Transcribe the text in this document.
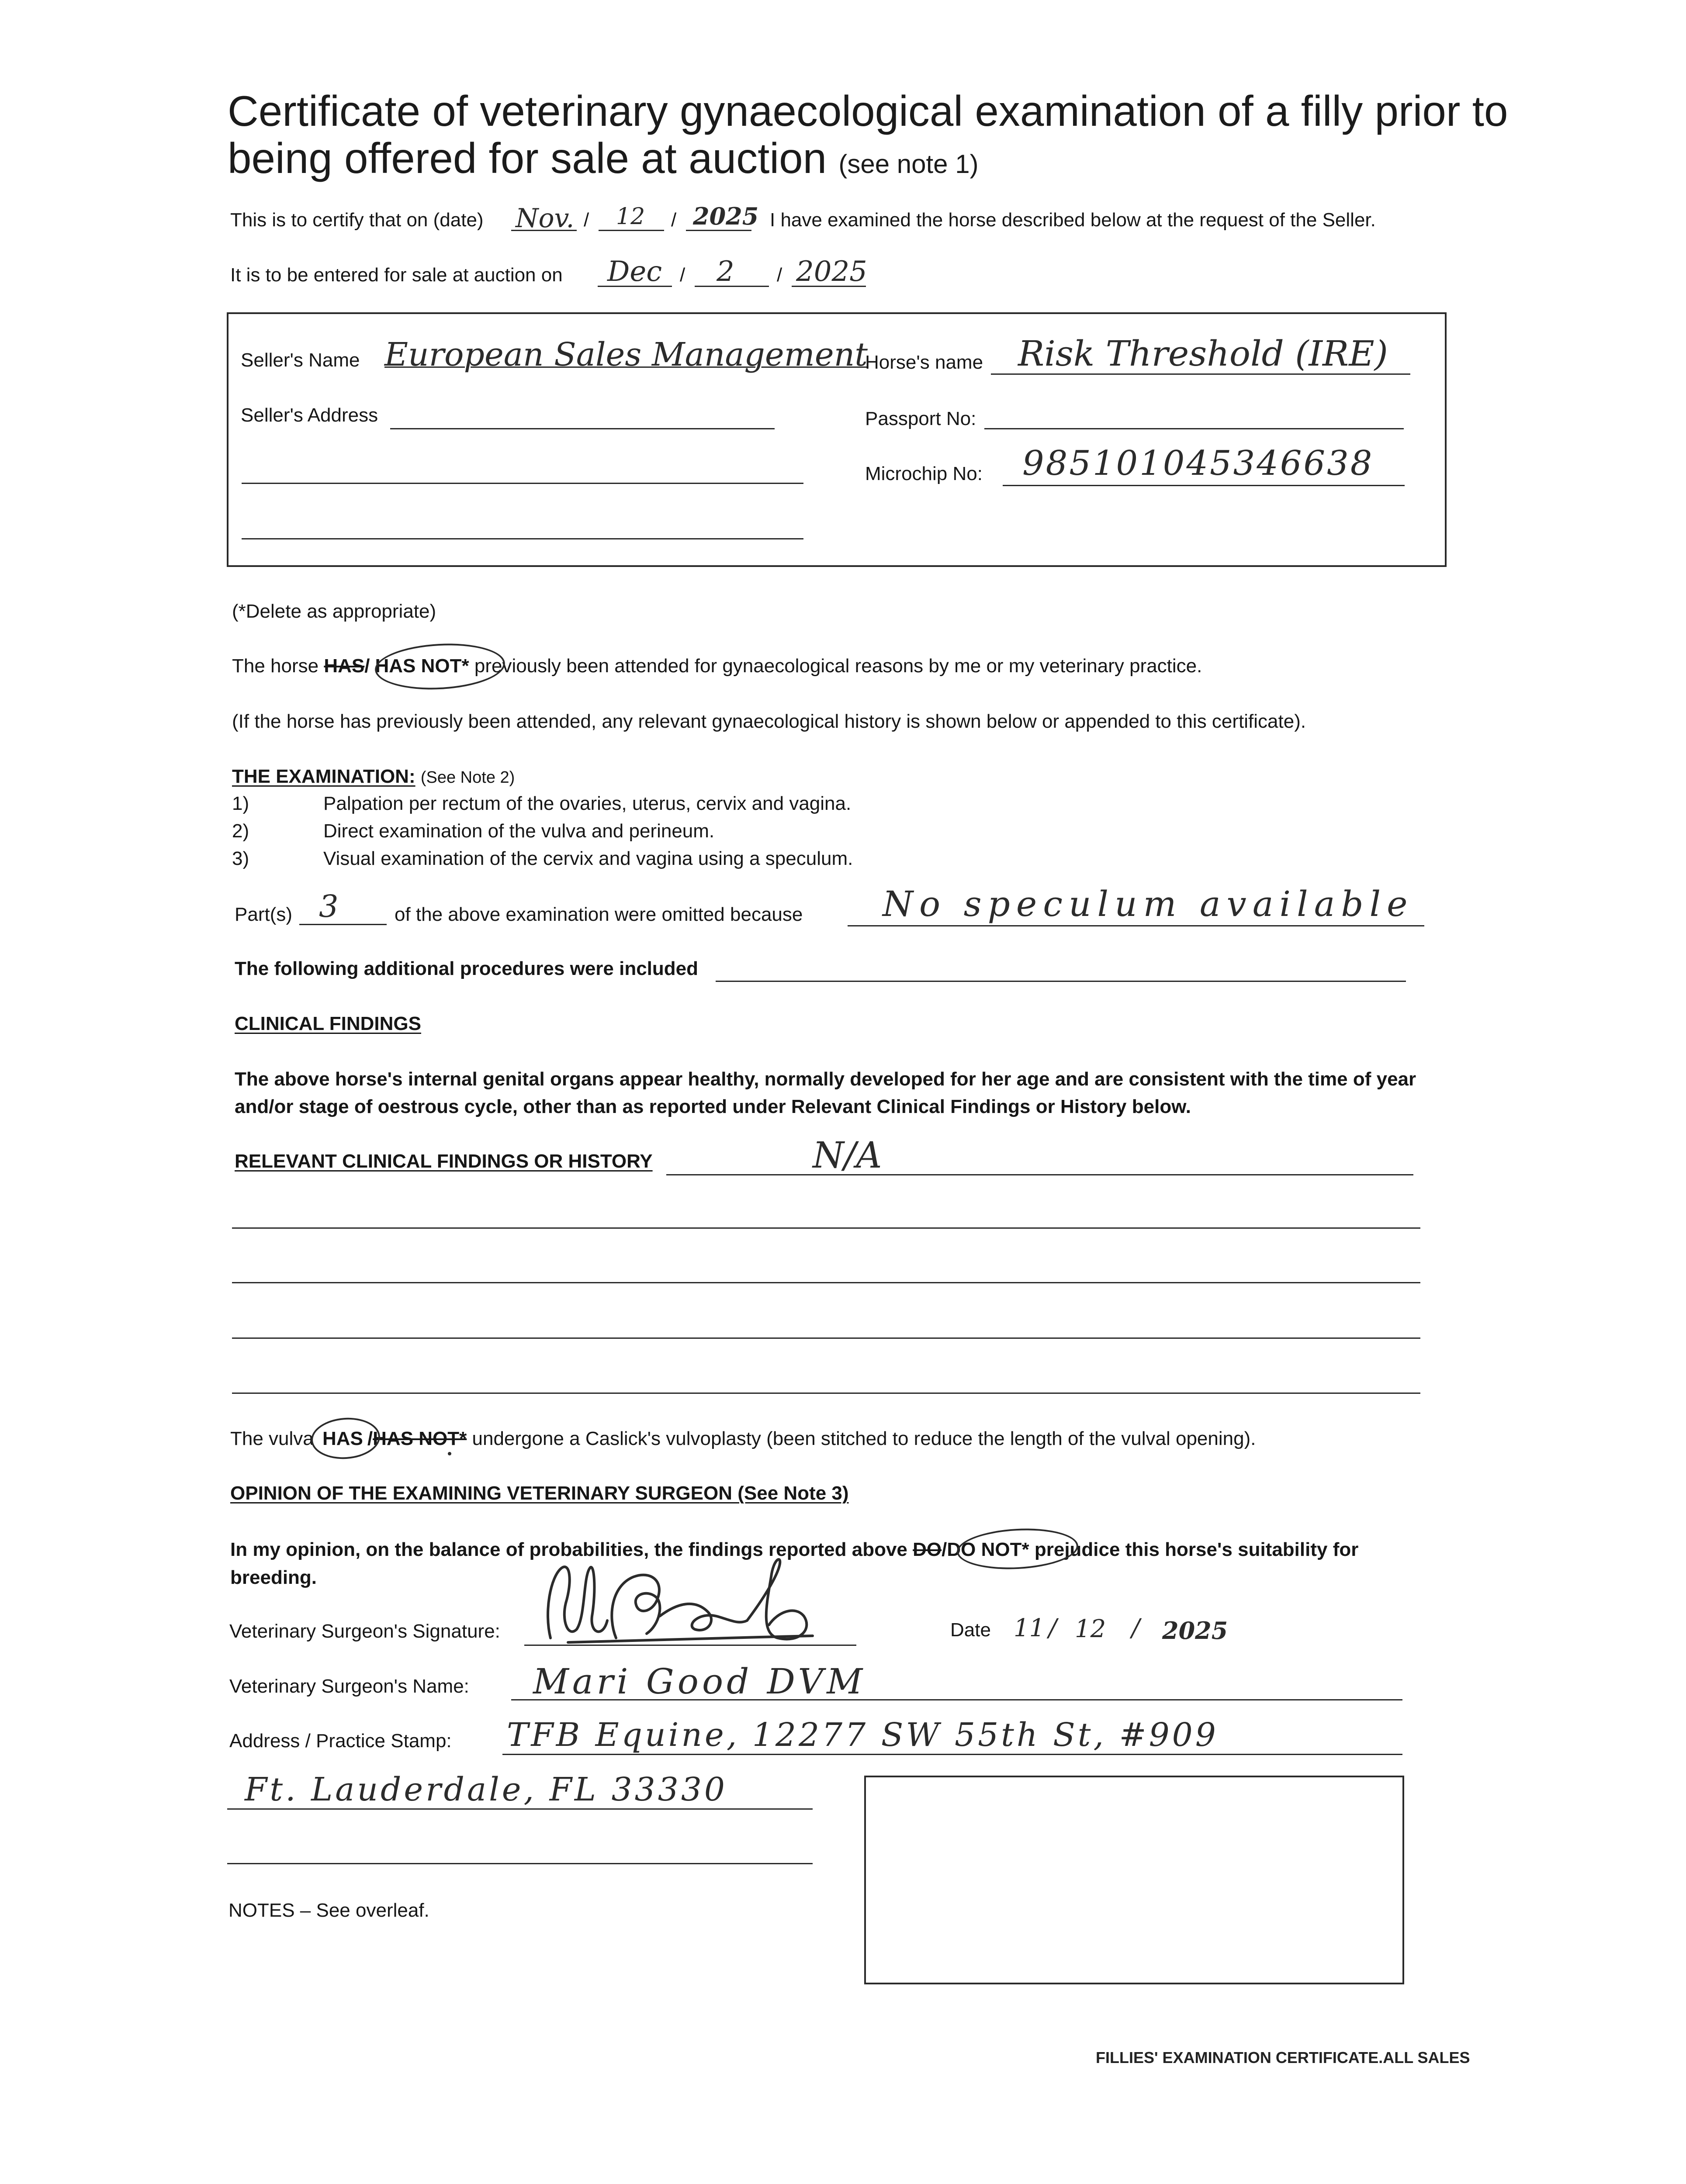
Certificate of veterinary gynaecological examination of a filly prior to
being offered for sale at auction (see note 1)
This is to certify that on (date) Nov. / 12 / 2025 I have examined the horse described below at the request of the Seller.
It is to be entered for sale at auction on Dec / 2 / 2025
Seller's Name European Sales Management
Seller's Address
Horse's name Risk Threshold (IRE)
Passport No:
Microchip No: 985101045346638
(*Delete as appropriate)
The horse HAS/ HAS NOT* previously been attended for gynaecological reasons by me or my veterinary practice.
(If the horse has previously been attended, any relevant gynaecological history is shown below or appended to this certificate).
THE EXAMINATION: (See Note 2)
1)	Palpation per rectum of the ovaries, uterus, cervix and vagina.
2)	Direct examination of the vulva and perineum.
3)	Visual examination of the cervix and vagina using a speculum.
Part(s) 3	of the above examination were omitted because No speculum available
The following additional procedures were included
CLINICAL FINDINGS
The above horse's internal genital organs appear healthy, normally developed for her age and are consistent with the time of year
and/or stage of oestrous cycle, other than as reported under Relevant Clinical Findings or History below.
RELEVANT CLINICAL FINDINGS OR HISTORY	N/A
The vulva HAS /HAS NOT* undergone a Caslick's vulvoplasty (been stitched to reduce the length of the vulval opening).
OPINION OF THE EXAMINING VETERINARY SURGEON (See Note 3)
In my opinion, on the balance of probabilities, the findings reported above DO/DO NOT* prejudice this horse's suitability for
breeding.
Veterinary Surgeon's Signature:	Date 11 / 12 / 2025
Veterinary Surgeon's Name: Mari Good DVM
Address / Practice Stamp: TFB Equine, 12277 SW 55th St, #909
Ft. Lauderdale, FL 33330
NOTES – See overleaf.
FILLIES' EXAMINATION CERTIFICATE.ALL SALES
